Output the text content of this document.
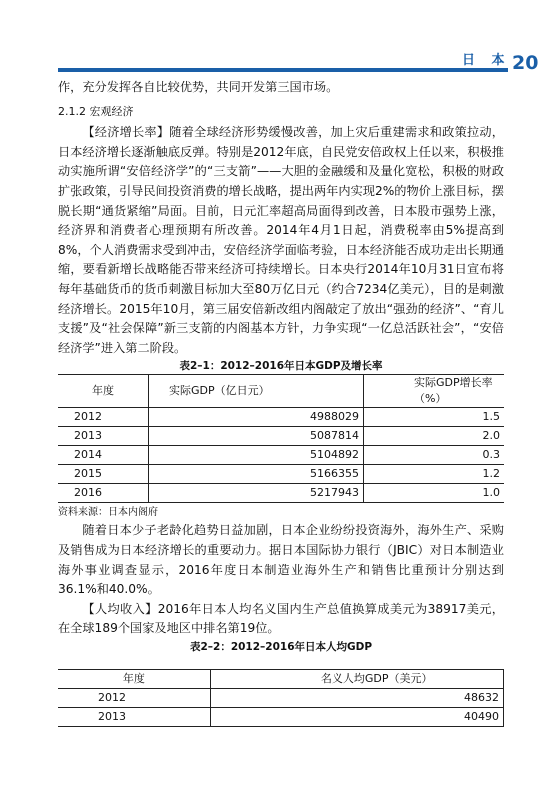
日 本 20

作，充分发挥各自比较优势，共同开发第三国市场。

2.1.2 宏观经济

【经济增长率】随着全球经济形势缓慢改善，加上灾后重建需求和政策拉动，日本经济增长逐渐触底反弹。特别是2012年底，自民党安倍政权上任以来，积极推动实施所谓“安倍经济学”的“三支箭”——大胆的金融缓和及量化宽松，积极的财政扩张政策，引导民间投资消费的增长战略，提出两年内实现2%的物价上涨目标，摆脱长期“通货紧缩”局面。目前，日元汇率超高局面得到改善，日本股市强势上涨，经济界和消费者心理预期有所改善。2014年4月1日起，消费税率由5%提高到8%，个人消费需求受到冲击，安倍经济学面临考验，日本经济能否成功走出长期通缩，要看新增长战略能否带来经济可持续增长。日本央行2014年10月31日宣布将每年基础货币的货币刺激目标加大至80万亿日元（约合7234亿美元），目的是刺激经济增长。2015年10月，第三届安倍新改组内阁敲定了放出“强劲的经济”、“育儿支援”及“社会保障”新三支箭的内阁基本方针，力争实现“一亿总活跃社会”，“安倍经济学”进入第二阶段。

表2–1：2012–2016年日本GDP及增长率
年度	实际GDP（亿日元）	实际GDP增长率（%）
2012	4988029	1.5
2013	5087814	2.0
2014	5104892	0.3
2015	5166355	1.2
2016	5217943	1.0

资料来源：日本内阁府

随着日本少子老龄化趋势日益加剧，日本企业纷纷投资海外，海外生产、采购及销售成为日本经济增长的重要动力。据日本国际协力银行（JBIC）对日本制造业海外事业调查显示，2016年度日本制造业海外生产和销售比重预计分别达到36.1%和40.0%。

【人均收入】2016年日本人均名义国内生产总值换算成美元为38917美元，在全球189个国家及地区中排名第19位。

表2–2：2012–2016年日本人均GDP
年度	名义人均GDP（美元）
2012	48632
2013	40490
